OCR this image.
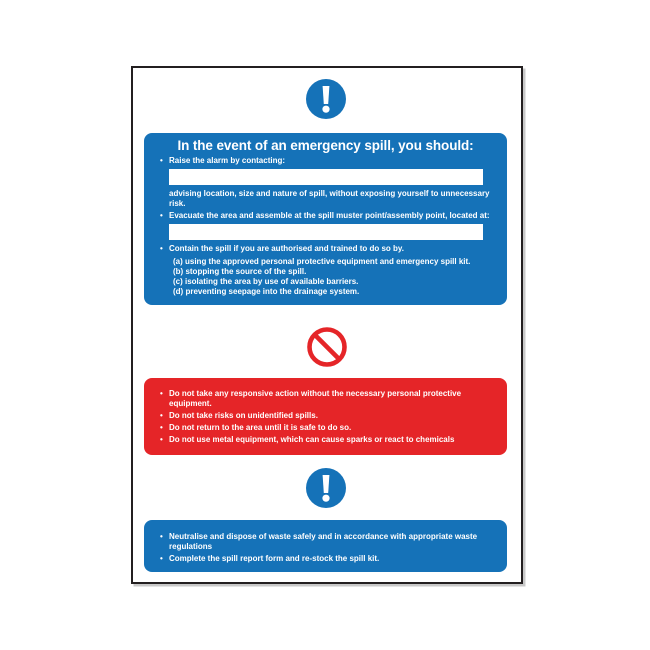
In the event of an emergency spill, you should:
• Raise the alarm by contacting:
advising location, size and nature of spill, without exposing yourself to unnecessary risk.
• Evacuate the area and assemble at the spill muster point/assembly point, located at:
• Contain the spill if you are authorised and trained to do so by.
(a) using the approved personal protective equipment and emergency spill kit.
(b) stopping the source of the spill.
(c) isolating the area by use of available barriers.
(d) preventing seepage into the drainage system.
• Do not take any responsive action without the necessary personal protective equipment.
• Do not take risks on unidentified spills.
• Do not return to the area until it is safe to do so.
• Do not use metal equipment, which can cause sparks or react to chemicals
• Neutralise and dispose of waste safely and in accordance with appropriate waste regulations
• Complete the spill report form and re-stock the spill kit.
